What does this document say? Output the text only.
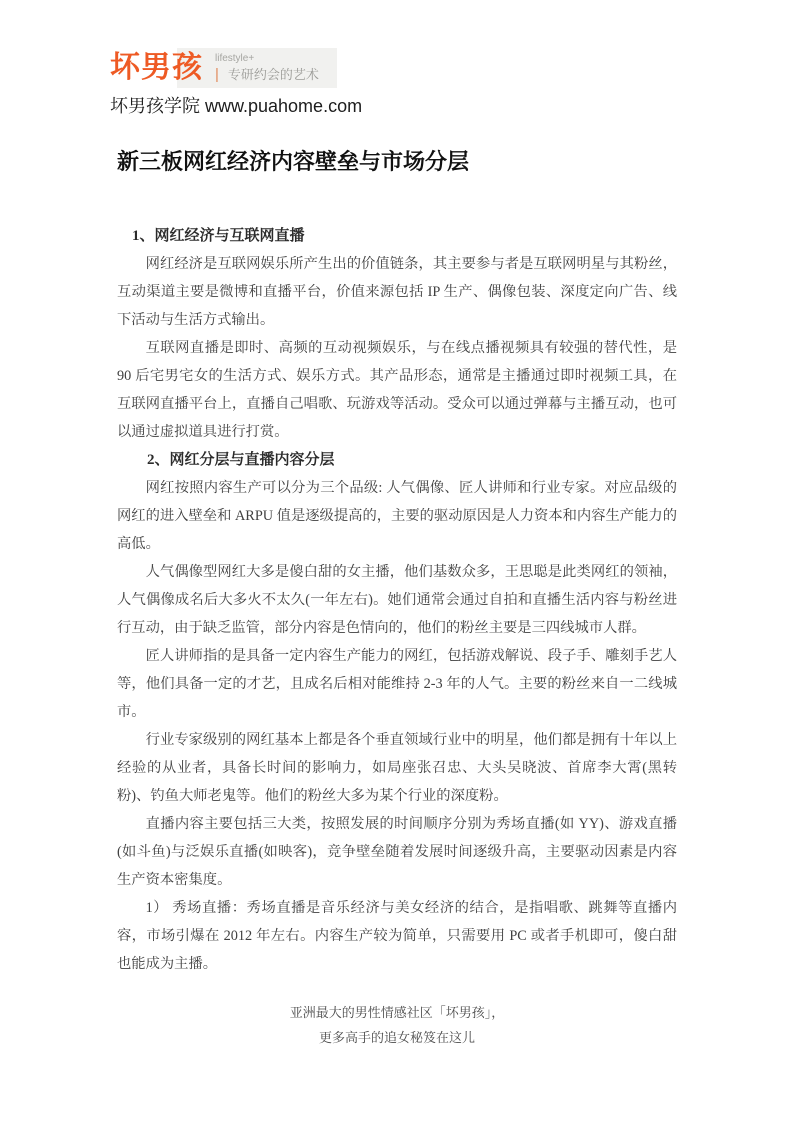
坏男孩 lifestyle+
| 专研约会的艺术
坏男孩学院 www.puahome.com
新三板网红经济内容壁垒与市场分层

1、网红经济与互联网直播

网红经济是互联网娱乐所产生出的价值链条，其主要参与者是互联网明星与其粉丝，互动渠道主要是微博和直播平台，价值来源包括 IP 生产、偶像包装、深度定向广告、线下活动与生活方式输出。

互联网直播是即时、高频的互动视频娱乐，与在线点播视频具有较强的替代性，是 90 后宅男宅女的生活方式、娱乐方式。其产品形态，通常是主播通过即时视频工具，在互联网直播平台上，直播自己唱歌、玩游戏等活动。受众可以通过弹幕与主播互动，也可以通过虚拟道具进行打赏。

2、网红分层与直播内容分层

网红按照内容生产可以分为三个品级: 人气偶像、匠人讲师和行业专家。对应品级的网红的进入壁垒和 ARPU 值是逐级提高的，主要的驱动原因是人力资本和内容生产能力的高低。

人气偶像型网红大多是傻白甜的女主播，他们基数众多，王思聪是此类网红的领袖，人气偶像成名后大多火不太久(一年左右)。她们通常会通过自拍和直播生活内容与粉丝进行互动，由于缺乏监管，部分内容是色情向的，他们的粉丝主要是三四线城市人群。

匠人讲师指的是具备一定内容生产能力的网红，包括游戏解说、段子手、雕刻手艺人等，他们具备一定的才艺，且成名后相对能维持 2-3 年的人气。主要的粉丝来自一二线城市。

行业专家级别的网红基本上都是各个垂直领域行业中的明星，他们都是拥有十年以上经验的从业者，具备长时间的影响力，如局座张召忠、大头吴晓波、首席李大霄(黑转粉)、钓鱼大师老鬼等。他们的粉丝大多为某个行业的深度粉。

直播内容主要包括三大类，按照发展的时间顺序分别为秀场直播(如 YY)、游戏直播(如斗鱼)与泛娱乐直播(如映客)，竞争壁垒随着发展时间逐级升高，主要驱动因素是内容生产资本密集度。

1） 秀场直播：秀场直播是音乐经济与美女经济的结合，是指唱歌、跳舞等直播内容，市场引爆在 2012 年左右。内容生产较为简单，只需要用 PC 或者手机即可，傻白甜也能成为主播。

亚洲最大的男性情感社区「坏男孩」，
更多高手的追女秘笈在这儿
